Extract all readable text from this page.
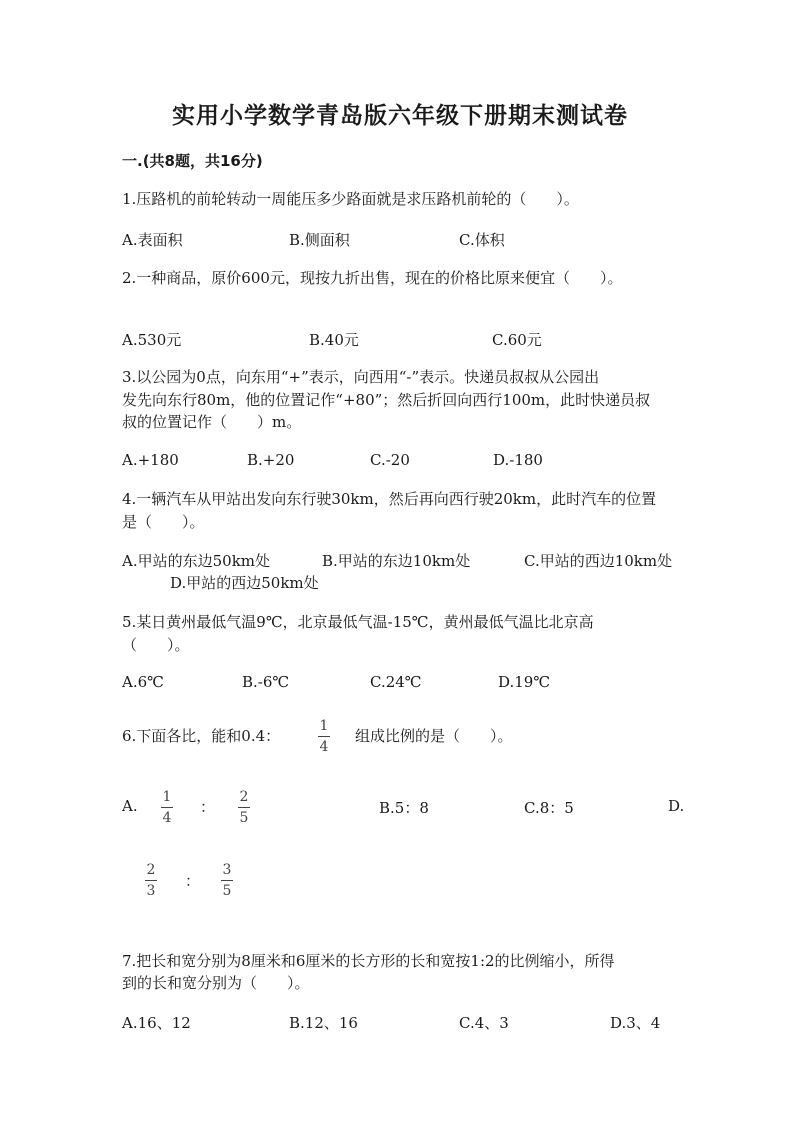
实用小学数学青岛版六年级下册期末测试卷
一.(共8题，共16分)
1.压路机的前轮转动一周能压多少路面就是求压路机前轮的（　　）。
A.表面积	B.侧面积	C.体积
2.一种商品，原价600元，现按九折出售，现在的价格比原来便宜（　　）。
A.530元	B.40元	C.60元
3.以公园为0点，向东用“+”表示，向西用“-”表示。快递员叔叔从公园出
发先向东行80m，他的位置记作“+80”；然后折回向西行100m，此时快递员叔
叔的位置记作（　　）m。
A.+180	B.+20	C.-20	D.-180
4.一辆汽车从甲站出发向东行驶30km，然后再向西行驶20km，此时汽车的位置
是（　　）。
A.甲站的东边50km处	B.甲站的东边10km处	C.甲站的西边10km处
D.甲站的西边50km处
5.某日黄州最低气温9℃，北京最低气温-15℃，黄州最低气温比北京高
（　　）。
A.6℃	B.-6℃	C.24℃	D.19℃
6.下面各比，能和0.4：
1
4
组成比例的是（　　）。
A. 1
4
：
2
5
B.5：8	C.8：5	D.
2
3
：
3
5
7.把长和宽分别为8厘米和6厘米的长方形的长和宽按1:2的比例缩小，所得
到的长和宽分别为（　　）。
A.16、12	B.12、16	C.4、3	D.3、4
